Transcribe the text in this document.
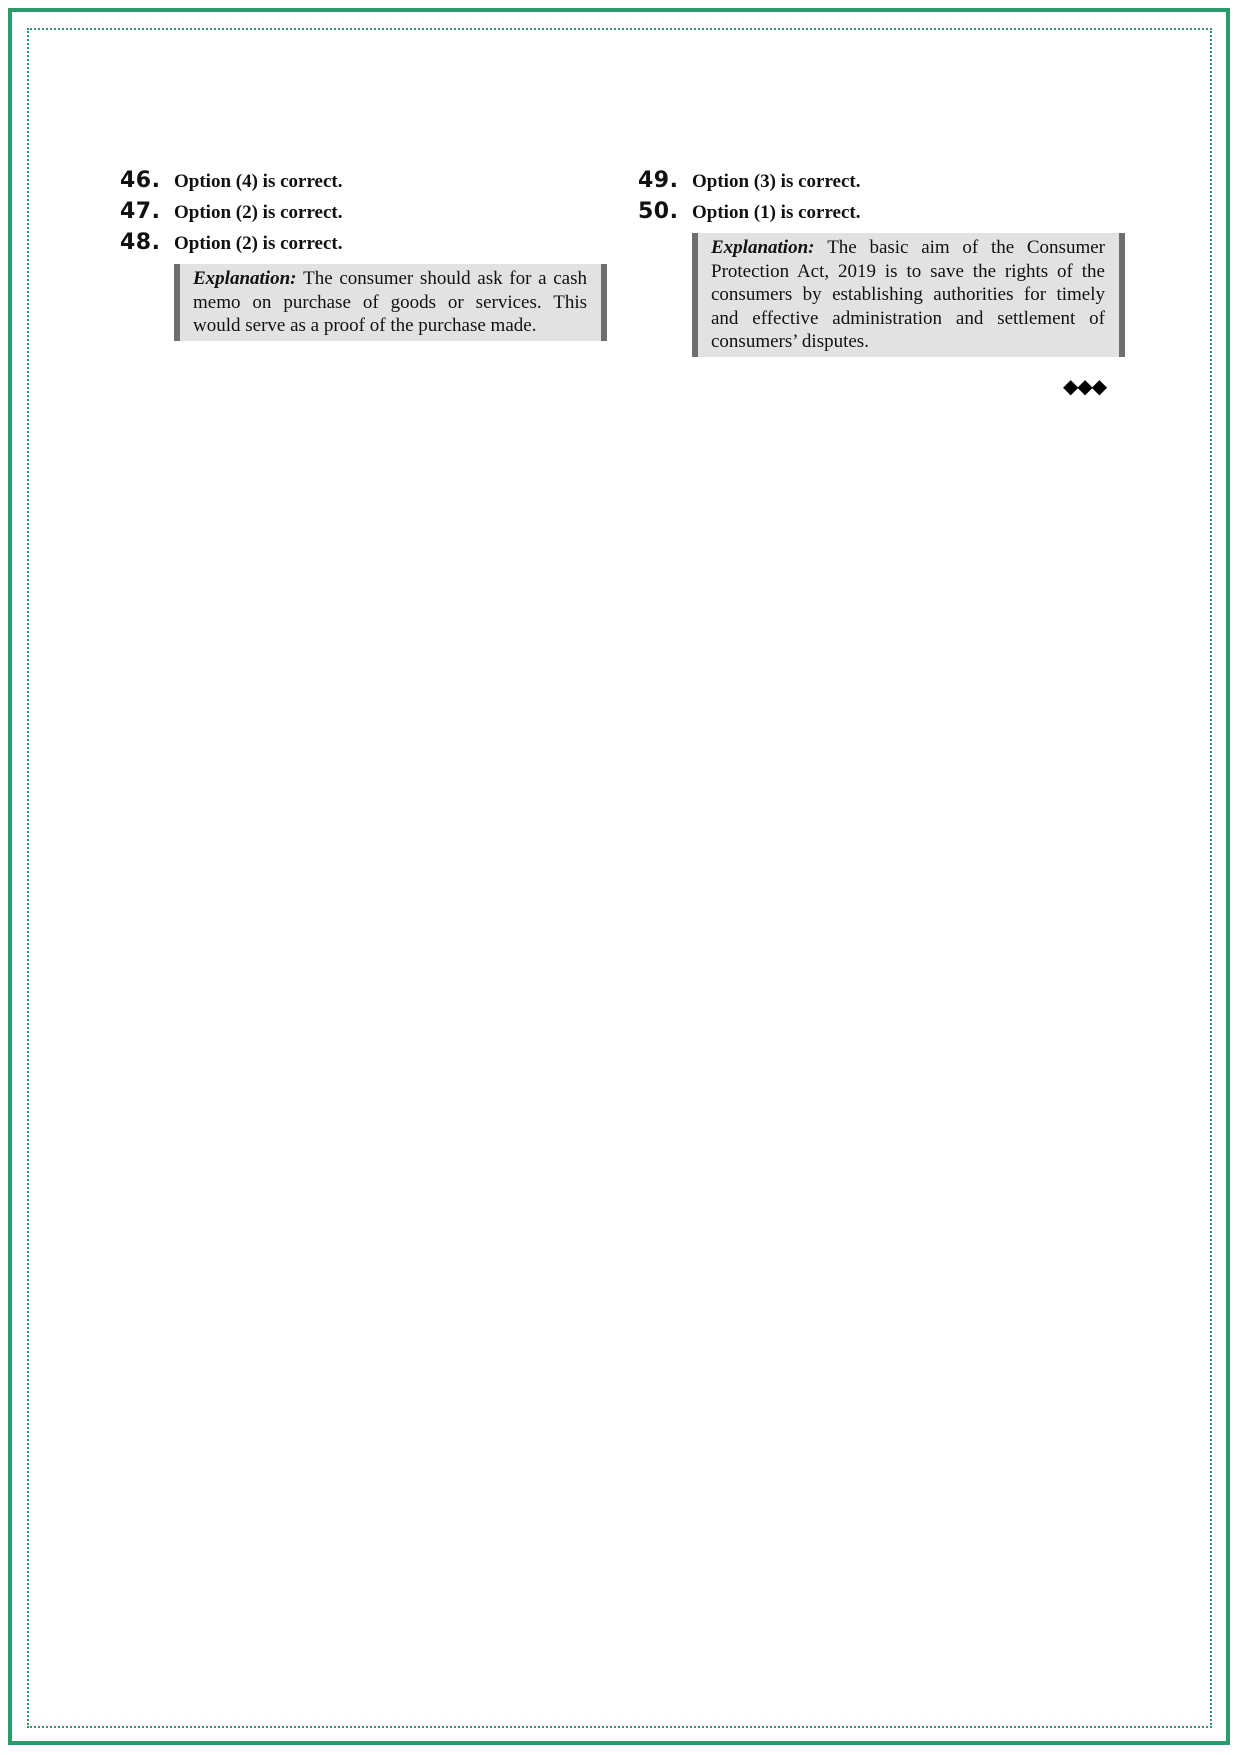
46. Option (4) is correct.
47. Option (2) is correct.
48. Option (2) is correct.
Explanation: The consumer should ask for a cash memo on purchase of goods or services. This would serve as a proof of the purchase made.
49. Option (3) is correct.
50. Option (1) is correct.
Explanation: The basic aim of the Consumer Protection Act, 2019 is to save the rights of the consumers by establishing authorities for timely and effective administration and settlement of consumers’ disputes.
◆◆◆
